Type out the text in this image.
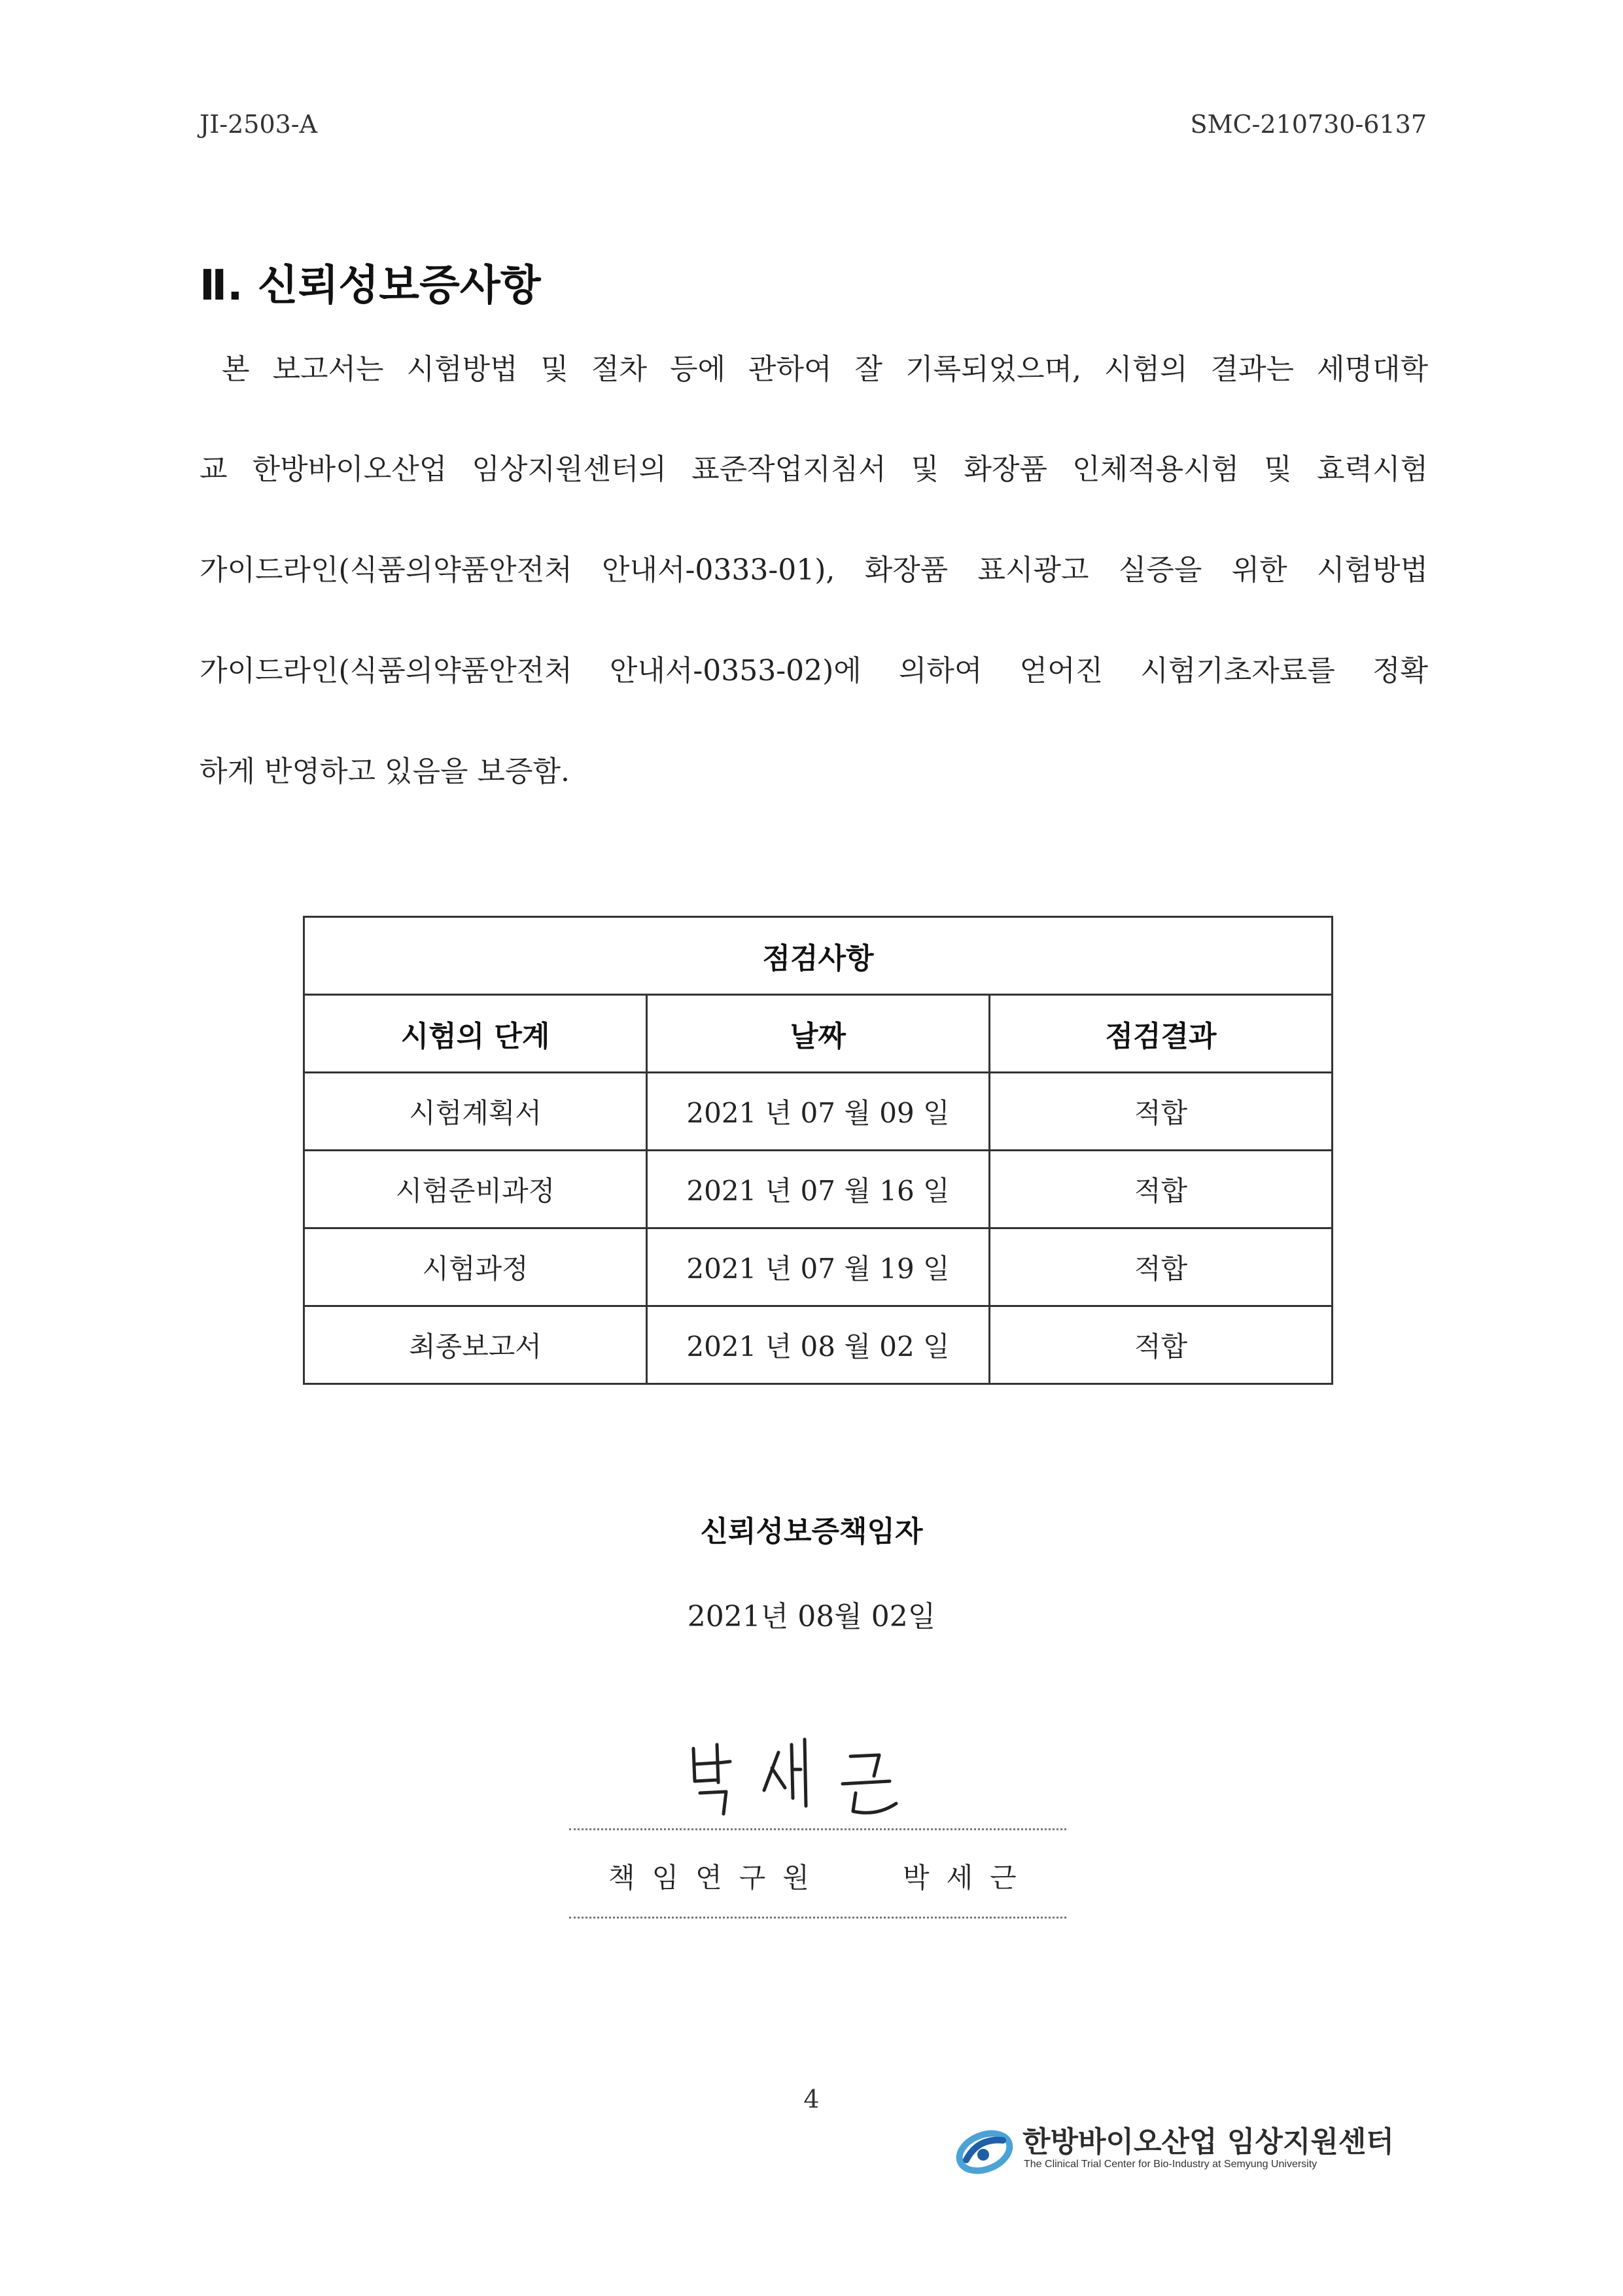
JI-2503-A	SMC-210730-6137
Ⅱ. 신뢰성보증사항
본 보고서는 시험방법 및 절차 등에 관하여 잘 기록되었으며, 시험의 결과는 세명대학
교 한방바이오산업 임상지원센터의 표준작업지침서 및 화장품 인체적용시험 및 효력시험
가이드라인(식품의약품안전처 안내서-0333-01), 화장품 표시광고 실증을 위한 시험방법
가이드라인(식품의약품안전처 안내서-0353-02)에 의하여 얻어진 시험기초자료를 정확
하게 반영하고 있음을 보증함.
점검사항		
시험의 단계	날짜	점검결과
시험계획서	2021 년 07 월 09 일	적합
시험준비과정	2021 년 07 월 16 일	적합
시험과정	2021 년 07 월 19 일	적합
최종보고서	2021 년 08 월 02 일	적합
신뢰성보증책임자
2021년 08월 02일
책임연구원	박세근
4
한방바이오산업 임상지원센터
The Clinical Trial Center for Bio-Industry at Semyung University
